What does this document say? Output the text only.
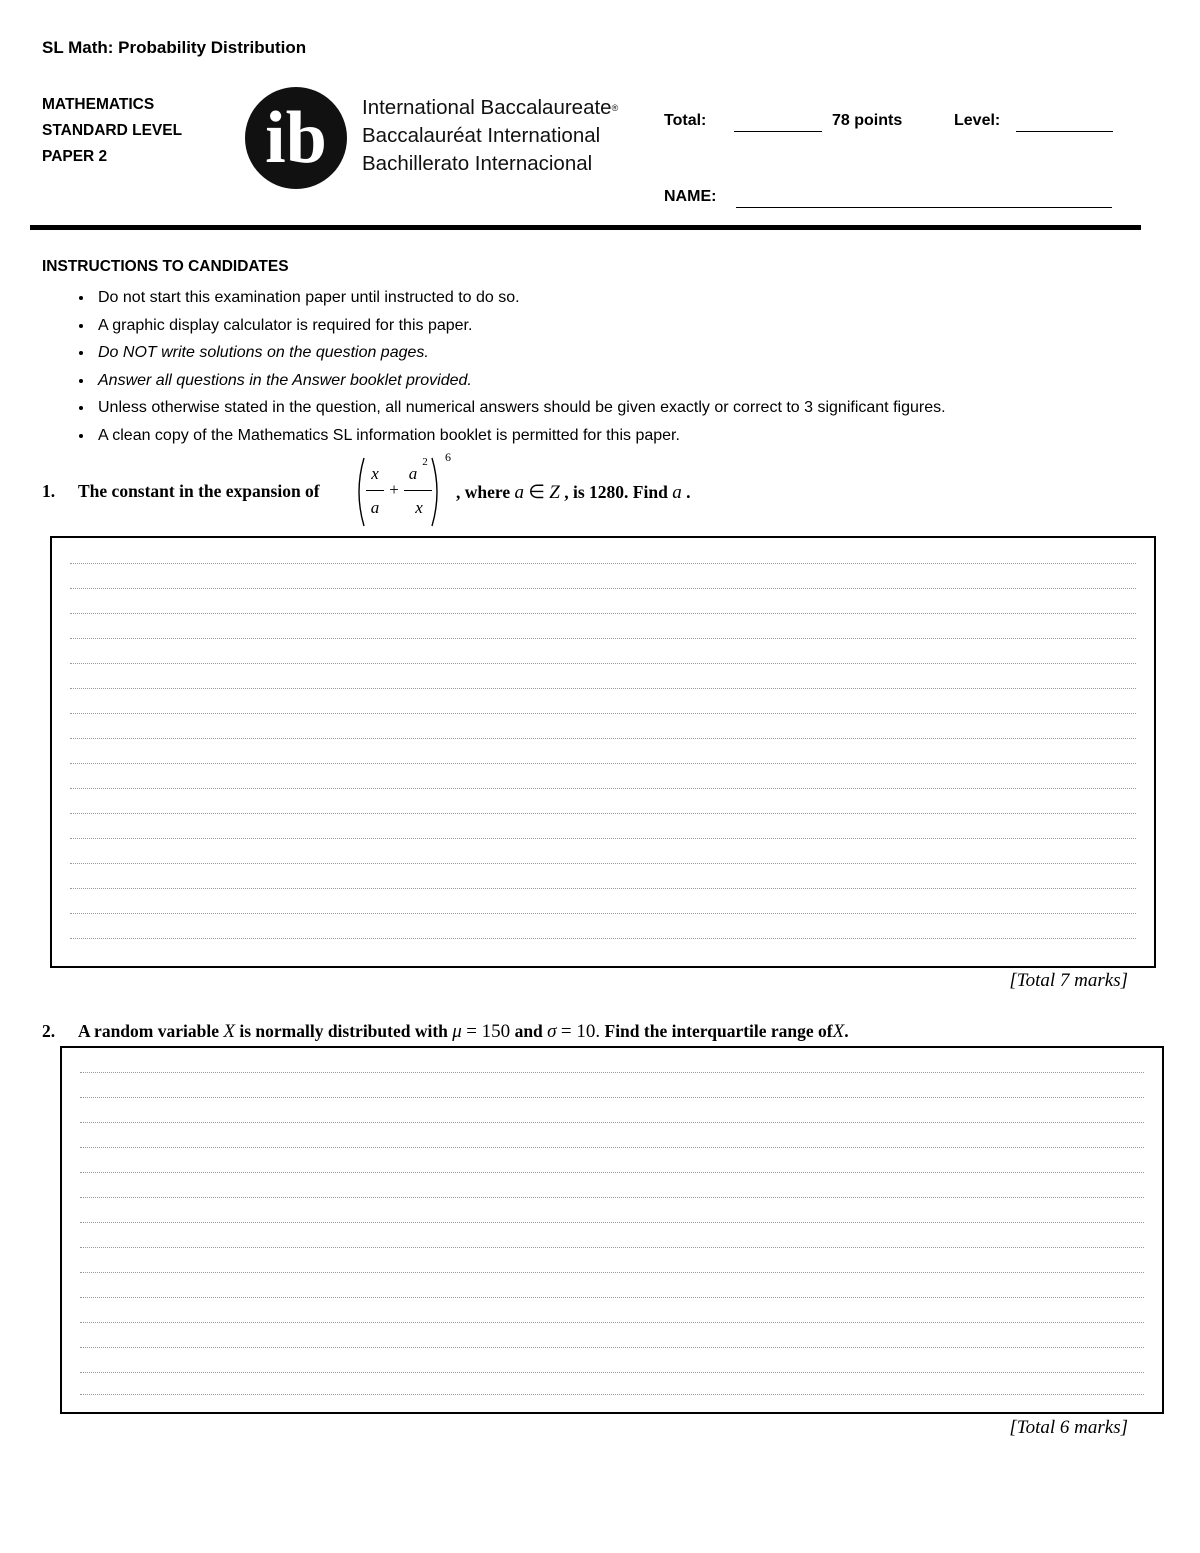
SL Math: Probability Distribution
MATHEMATICS
STANDARD LEVEL
PAPER 2	ib International Baccalaureate®
Baccalauréat International
Bachillerato Internacional
Total:	78 points	Level:
NAME:
INSTRUCTIONS TO CANDIDATES
• Do not start this examination paper until instructed to do so.
• A graphic display calculator is required for this paper.
• Do NOT write solutions on the question pages.
• Answer all questions in the Answer booklet provided.
• Unless otherwise stated in the question, all numerical answers should be given exactly or correct to 3 significant figures.
• A clean copy of the Mathematics SL information booklet is permitted for this paper.
1. The constant in the expansion of
x
a
+
a
2
x
6
, where a ∈ Z , is 1280. Find a .
[Total 7 marks]
2. A random variable X is normally distributed with μ = 150 and σ = 10. Find the interquartile range ofX.
[Total 6 marks]
